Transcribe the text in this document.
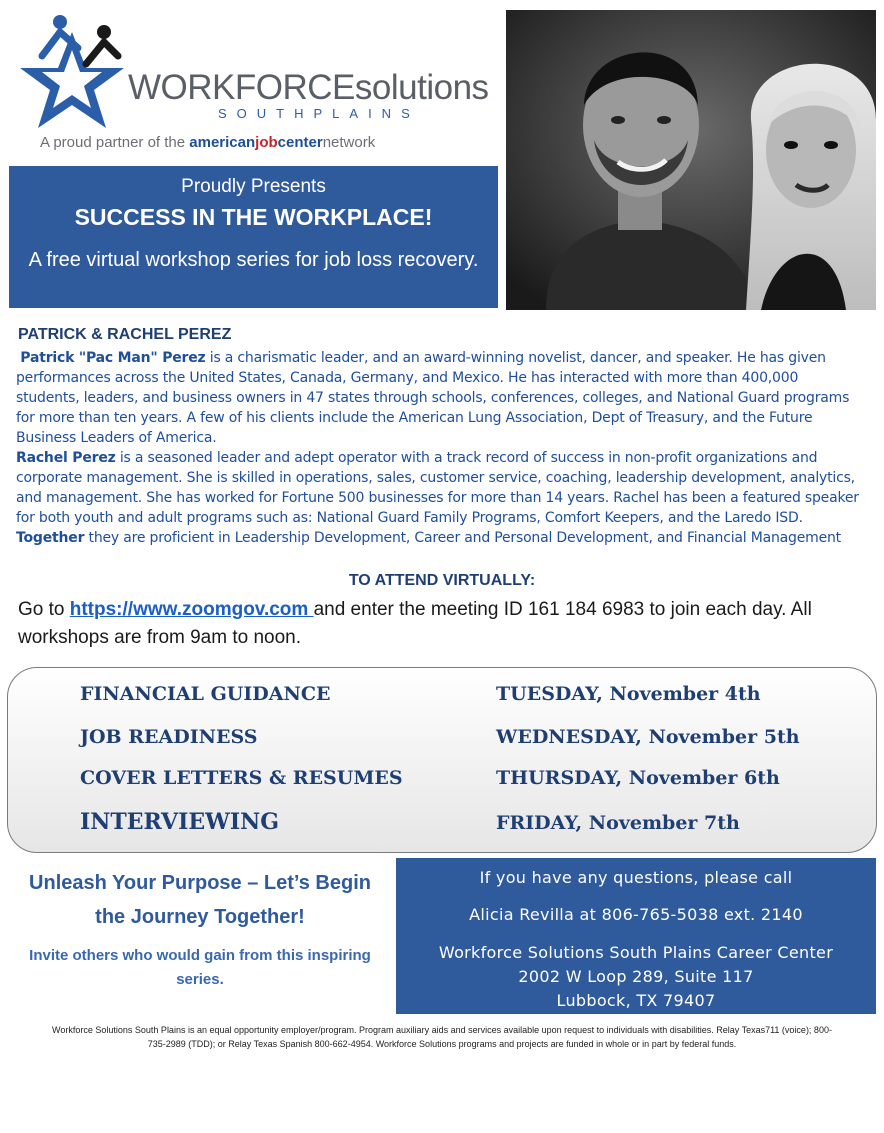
WORKFORCEsolutions
SOUTHPLAINS
A proud partner of the americanjobcenternetwork
Proudly Presents
SUCCESS IN THE WORKPLACE!
A free virtual workshop series for job loss recovery.
PATRICK & RACHEL PEREZ

Patrick "Pac Man" Perez is a charismatic leader, and an award-winning novelist, dancer, and speaker. He has given performances across the United States, Canada, Germany, and Mexico. He has interacted with more than 400,000 students, leaders, and business owners in 47 states through schools, conferences, colleges, and National Guard programs for more than ten years. A few of his clients include the American Lung Association, Dept of Treasury, and the Future Business Leaders of America.

Rachel Perez is a seasoned leader and adept operator with a track record of success in non-profit organizations and corporate management. She is skilled in operations, sales, customer service, coaching, leadership development, analytics, and management. She has worked for Fortune 500 businesses for more than 14 years. Rachel has been a featured speaker for both youth and adult programs such as: National Guard Family Programs, Comfort Keepers, and the Laredo ISD. Together they are proficient in Leadership Development, Career and Personal Development, and Financial Management

TO ATTEND VIRTUALLY:
Go to https://www.zoomgov.com and enter the meeting ID 161 184 6983 to join each day. All workshops are from 9am to noon.
FINANCIAL GUIDANCE	TUESDAY, November 4th
JOB READINESS	WEDNESDAY, November 5th
COVER LETTERS & RESUMES	THURSDAY, November 6th
INTERVIEWING	FRIDAY, November 7th
Unleash Your Purpose – Let’s Begin the Journey Together!
Invite others who would gain from this inspiring series.
If you have any questions, please call
Alicia Revilla at 806-765-5038 ext. 2140
Workforce Solutions South Plains Career Center
2002 W Loop 289, Suite 117
Lubbock, TX 79407
Workforce Solutions South Plains is an equal opportunity employer/program. Program auxiliary aids and services available upon request to individuals with disabilities. Relay Texas711 (voice); 800-735-2989 (TDD); or Relay Texas Spanish 800-662-4954. Workforce Solutions programs and projects are funded in whole or in part by federal funds.
